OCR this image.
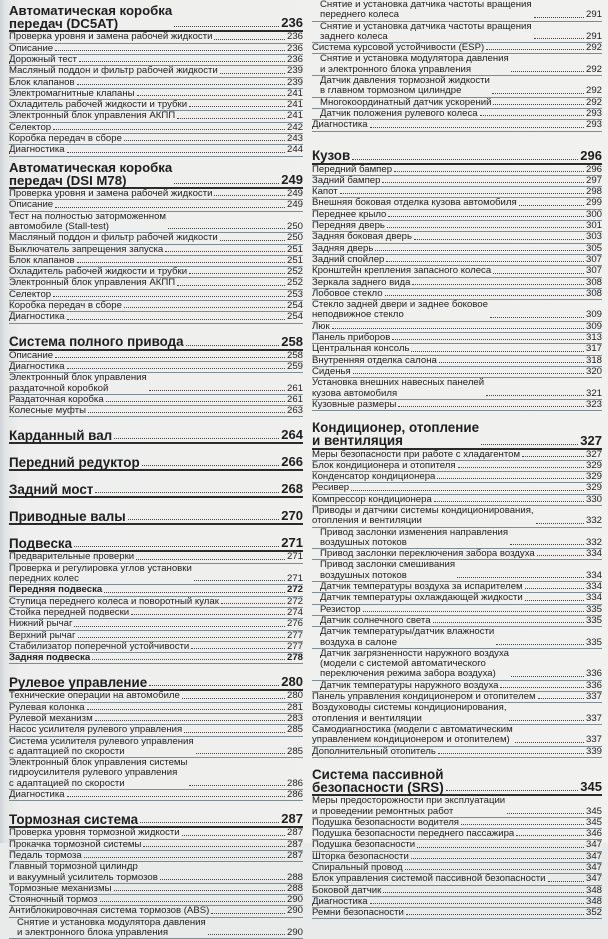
Автоматическая коробка
передач (DC5AT)	236
Проверка уровня и замена рабочей жидкости	236
Описание	236
Дорожный тест	236
Масляный поддон и фильтр рабочей жидкости	239
Блок клапанов	239
Электромагнитные клапаны	241
Охладитель рабочей жидкости и трубки	241
Электронный блок управления АКПП	241
Селектор	242
Коробка передач в сборе	243
Диагностика	244
Автоматическая коробка
передач (DSI M78)	249
Проверка уровня и замена рабочей жидкости	249
Описание	249
Тест на полностью заторможенном
автомобиле (Stall-test)	250
Масляный поддон и фильтр рабочей жидкости	250
Выключатель запрещения запуска	251
Блок клапанов	251
Охладитель рабочей жидкости и трубки	252
Электронный блок управления АКПП	252
Селектор	253
Коробка передач в сборе	254
Диагностика	254
Система полного привода	258
Описание	258
Диагностика	259
Электронный блок управления
раздаточной коробкой	261
Раздаточная коробка	261
Колесные муфты	263
Карданный вал	264
Передний редуктор	266
Задний мост	268
Приводные валы	270
Подвеска	271
Предварительные проверки	271
Проверка и регулировка углов установки
передних колес	271
Передняя подвеска	272
Ступица переднего колеса и поворотный кулак	272
Стойка передней подвески	274
Нижний рычаг	276
Верхний рычаг	277
Стабилизатор поперечной устойчивости	277
Задняя подвеска	278
Рулевое управление	280
Технические операции на автомобиле	280
Рулевая колонка	281
Рулевой механизм	283
Насос усилителя рулевого управления	285
Система усилителя рулевого управления
с адаптацией по скорости	285
Электронный блок управления системы
гидроусилителя рулевого управления
с адаптацией по скорости	286
Диагностика	286
Тормозная система	287
Проверка уровня тормозной жидкости	287
Прокачка тормозной системы	287
Педаль тормоза	287
Главный тормозной цилиндр
и вакуумный усилитель тормозов	288
Тормозные механизмы	288
Стояночный тормоз	290
Антиблокировочная система тормозов (ABS)	290
Снятие и установка модулятора давления
и электронного блока управления	290
Снятие и установка датчика частоты вращения
переднего колеса	291
Снятие и установка датчика частоты вращения
заднего колеса	291
Система курсовой устойчивости (ESP)	292
Снятие и установка модулятора давления
и электронного блока управления	292
Датчик давления тормозной жидкости
в главном тормозном цилиндре	292
Многокоординатный датчик ускорений	292
Датчик положения рулевого колеса	293
Диагностика	293
Кузов	296
Передний бампер	296
Задний бампер	297
Капот	298
Внешняя боковая отделка кузова автомобиля	299
Переднее крыло	300
Передняя дверь	301
Задняя боковая дверь	303
Задняя дверь	305
Задний спойлер	307
Кронштейн крепления запасного колеса	307
Зеркала заднего вида	308
Лобовое стекло	308
Стекло задней двери и заднее боковое
неподвижное стекло	309
Люк	309
Панель приборов	313
Центральная консоль	317
Внутренняя отделка салона	318
Сиденья	320
Установка внешних навесных панелей
кузова автомобиля	321
Кузовные размеры	323
Кондиционер, отопление
и вентиляция	327
Меры безопасности при работе с хладагентом	327
Блок кондиционера и отопителя	329
Конденсатор кондиционера	329
Ресивер	329
Компрессор кондиционера	330
Приводы и датчики системы кондиционирования,
отопления и вентиляции	332
Привод заслонки изменения направления
воздушных потоков	332
Привод заслонки переключения забора воздуха	334
Привод заслонки смешивания
воздушных потоков	334
Датчик температуры воздуха за испарителем	334
Датчик температуры охлаждающей жидкости	334
Резистор	335
Датчик солнечного света	335
Датчик температуры/датчик влажности
воздуха в салоне	335
Датчик загрязненности наружного воздуха
(модели с системой автоматического
переключения режима забора воздуха)	336
Датчик температуры наружного воздуха	336
Панель управления кондиционером и отопителем	337
Воздуховоды системы кондиционирования,
отопления и вентиляции	337
Самодиагностика (модели с автоматическим
управлением кондиционером и отопителем)	337
Дополнительный отопитель	339
Система пассивной
безопасности (SRS)	345
Меры предосторожности при эксплуатации
и проведении ремонтных работ	345
Подушка безопасности водителя	345
Подушка безопасности переднего пассажира	346
Подушка безопасности	347
Шторка безопасности	347
Спиральный провод	347
Блок управления системой пассивной безопасности	347
Боковой датчик	348
Диагностика	348
Ремни безопасности	352
